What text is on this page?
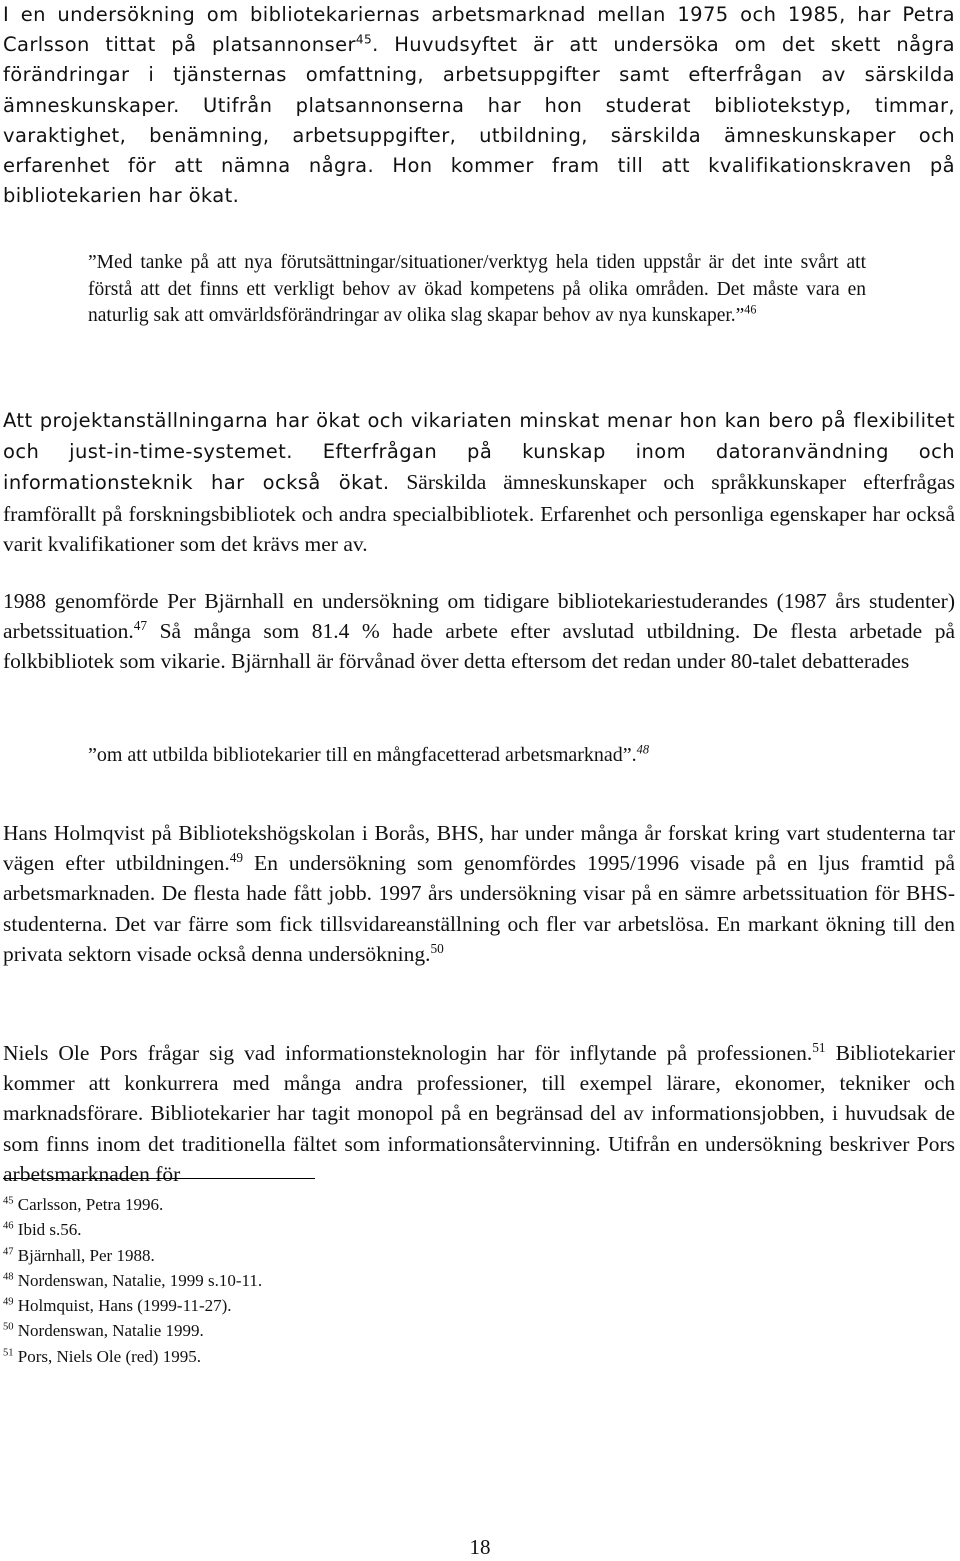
I en undersökning om bibliotekariernas arbetsmarknad mellan 1975 och 1985, har Petra Carlsson tittat på platsannonser$^{45}$. Huvudsyftet är att undersöka om det skett några förändringar i tjänsternas omfattning, arbetsuppgifter samt efterfrågan av särskilda ämneskunskaper. Utifrån platsannonserna har hon studerat bibliotekstyp, timmar, varaktighet, benämning, arbetsuppgifter, utbildning, särskilda ämneskunskaper och erfarenhet för att nämna några. Hon kommer fram till att kvalifikationskraven på bibliotekarien har ökat.

”Med tanke på att nya förutsättningar/situationer/verktyg hela tiden uppstår är det inte svårt att förstå att det finns ett verkligt behov av ökad kompetens på olika områden. Det måste vara en naturlig sak att omvärldsförändringar av olika slag skapar behov av nya kunskaper.”$^{46}$

Att projektanställningarna har ökat och vikariaten minskat menar hon kan bero på flexibilitet och just-in-time-systemet. Efterfrågan på kunskap inom datoranvändning och informationsteknik har också ökat. Särskilda ämneskunskaper och språkkunskaper efterfrågas framförallt på forskningsbibliotek och andra specialbibliotek. Erfarenhet och personliga egenskaper har också varit kvalifikationer som det krävs mer av.

1988 genomförde Per Bjärnhall en undersökning om tidigare bibliotekariestuderandes (1987 års studenter) arbetssituation.$^{47}$ Så många som 81.4 % hade arbete efter avslutad utbildning. De flesta arbetade på folkbibliotek som vikarie. Bjärnhall är förvånad över detta eftersom det redan under 80-talet debatterades

”om att utbilda bibliotekarier till en mångfacetterad arbetsmarknad”.$^{48}$

Hans Holmqvist på Bibliotekshögskolan i Borås, BHS, har under många år forskat kring vart studenterna tar vägen efter utbildningen.$^{49}$ En undersökning som genomfördes 1995/1996 visade på en ljus framtid på arbetsmarknaden. De flesta hade fått jobb. 1997 års undersökning visar på en sämre arbetssituation för BHS-studenterna. Det var färre som fick tillsvidareanställning och fler var arbetslösa. En markant ökning till den privata sektorn visade också denna undersökning.$^{50}$

Niels Ole Pors frågar sig vad informationsteknologin har för inflytande på professionen.$^{51}$ Bibliotekarier kommer att konkurrera med många andra professioner, till exempel lärare, ekonomer, tekniker och marknadsförare. Bibliotekarier har tagit monopol på en begränsad del av informationsjobben, i huvudsak de som finns inom det traditionella fältet som informationsåtervinning. Utifrån en undersökning beskriver Pors arbetsmarknaden för

$^{45}$ Carlsson, Petra 1996.
$^{46}$ Ibid s.56.
$^{47}$ Bjärnhall, Per 1988.
$^{48}$ Nordenswan, Natalie, 1999 s.10-11.
$^{49}$ Holmquist, Hans (1999-11-27).
$^{50}$ Nordenswan, Natalie 1999.
$^{51}$ Pors, Niels Ole (red) 1995.
18
